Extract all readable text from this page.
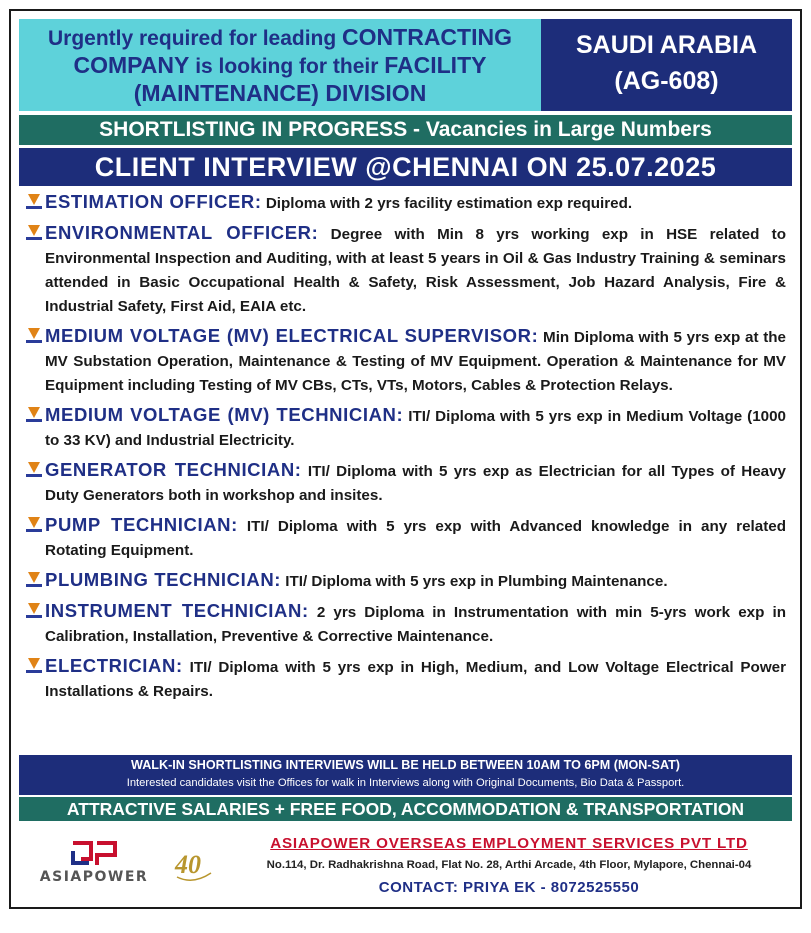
Urgently required for leading CONTRACTING
COMPANY is looking for their FACILITY
(MAINTENANCE) DIVISION
SAUDI ARABIA
(AG-608)
SHORTLISTING IN PROGRESS - Vacancies in Large Numbers
CLIENT INTERVIEW @CHENNAI ON 25.07.2025
ESTIMATION OFFICER: Diploma with 2 yrs facility estimation exp required.
ENVIRONMENTAL OFFICER: Degree with Min 8 yrs working exp in HSE related to Environmental Inspection and Auditing, with at least 5 years in Oil & Gas Industry Training & seminars attended in Basic Occupational Health & Safety, Risk Assessment, Job Hazard Analysis, Fire & Industrial Safety, First Aid, EAIA etc.
MEDIUM VOLTAGE (MV) ELECTRICAL SUPERVISOR: Min Diploma with 5 yrs exp at the MV Substation Operation, Maintenance & Testing of MV Equipment. Operation & Maintenance for MV Equipment including Testing of MV CBs, CTs, VTs, Motors, Cables & Protection Relays.
MEDIUM VOLTAGE (MV) TECHNICIAN: ITI/ Diploma with 5 yrs exp in Medium Voltage (1000 to 33 KV) and Industrial Electricity.
GENERATOR TECHNICIAN: ITI/ Diploma with 5 yrs exp as Electrician for all Types of Heavy Duty Generators both in workshop and insites.
PUMP TECHNICIAN: ITI/ Diploma with 5 yrs exp with Advanced knowledge in any related Rotating Equipment.
PLUMBING TECHNICIAN: ITI/ Diploma with 5 yrs exp in Plumbing Maintenance.
INSTRUMENT TECHNICIAN: 2 yrs Diploma in Instrumentation with min 5-yrs work exp in Calibration, Installation, Preventive & Corrective Maintenance.
ELECTRICIAN: ITI/ Diploma with 5 yrs exp in High, Medium, and Low Voltage Electrical Power Installations & Repairs.
WALK-IN SHORTLISTING INTERVIEWS WILL BE HELD BETWEEN 10AM TO 6PM (MON-SAT)
Interested candidates visit the Offices for walk in Interviews along with Original Documents, Bio Data & Passport.
ATTRACTIVE SALARIES + FREE FOOD, ACCOMMODATION & TRANSPORTATION
ASIAPOWER	40
ASIAPOWER OVERSEAS EMPLOYMENT SERVICES PVT LTD
No.114, Dr. Radhakrishna Road, Flat No. 28, Arthi Arcade, 4th Floor, Mylapore, Chennai-04
CONTACT: PRIYA EK - 8072525550
